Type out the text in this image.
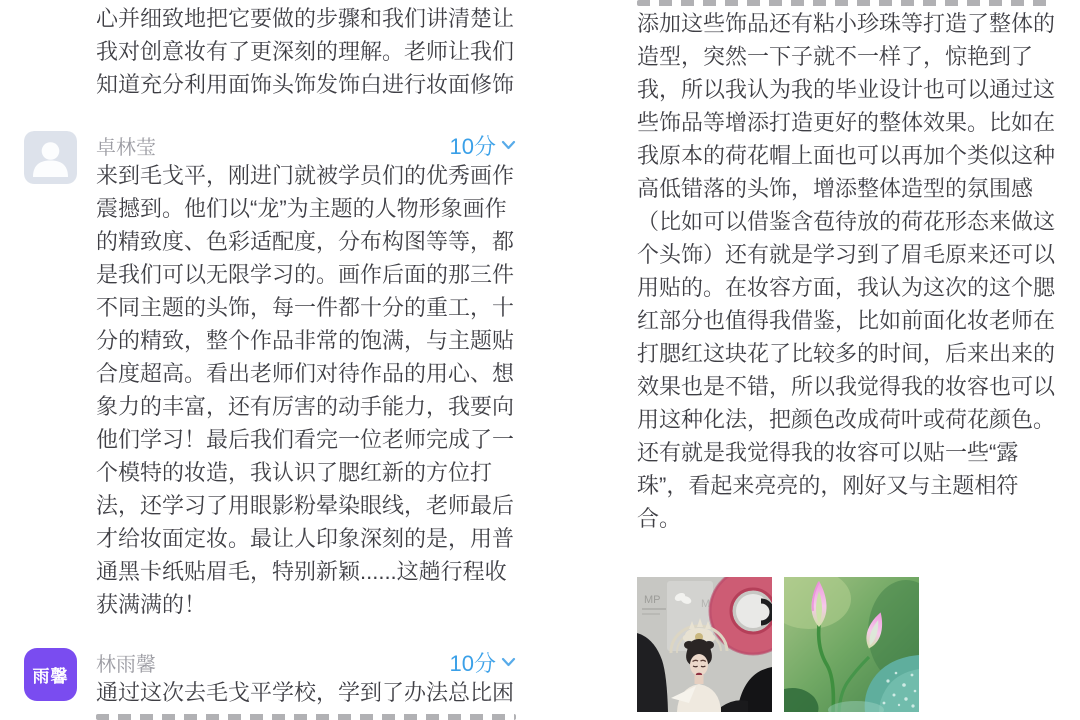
心并细致地把它要做的步骤和我们讲清楚让我对创意妆有了更深刻的理解。老师让我们知道充分利用面饰头饰发饰白进行妆面修饰
卓林莹	10分
来到毛戈平，刚进门就被学员们的优秀画作震撼到。他们以“龙”为主题的人物形象画作的精致度、色彩适配度，分布构图等等，都是我们可以无限学习的。画作后面的那三件不同主题的头饰，每一件都十分的重工，十分的精致，整个作品非常的饱满，与主题贴合度超高。看出老师们对待作品的用心、想象力的丰富，还有厉害的动手能力，我要向他们学习！最后我们看完一位老师完成了一个模特的妆造，我认识了腮红新的方位打法，还学习了用眼影粉晕染眼线，老师最后才给妆面定妆。最让人印象深刻的是，用普通黑卡纸贴眉毛，特别新颖......这趟行程收获满满的！
雨馨
林雨馨	10分
通过这次去毛戈平学校，学到了办法总比困
添加这些饰品还有粘小珍珠等打造了整体的造型，突然一下子就不一样了，惊艳到了我，所以我认为我的毕业设计也可以通过这些饰品等增添打造更好的整体效果。比如在我原本的荷花帽上面也可以再加个类似这种高低错落的头饰，增添整体造型的氛围感（比如可以借鉴含苞待放的荷花形态来做这个头饰）还有就是学习到了眉毛原来还可以用贴的。在妆容方面，我认为这次的这个腮红部分也值得我借鉴，比如前面化妆老师在打腮红这块花了比较多的时间，后来出来的效果也是不错，所以我觉得我的妆容也可以用这种化法，把颜色改成荷叶或荷花颜色。还有就是我觉得我的妆容可以贴一些“露珠”，看起来亮亮的，刚好又与主题相符合。
MP	MP
